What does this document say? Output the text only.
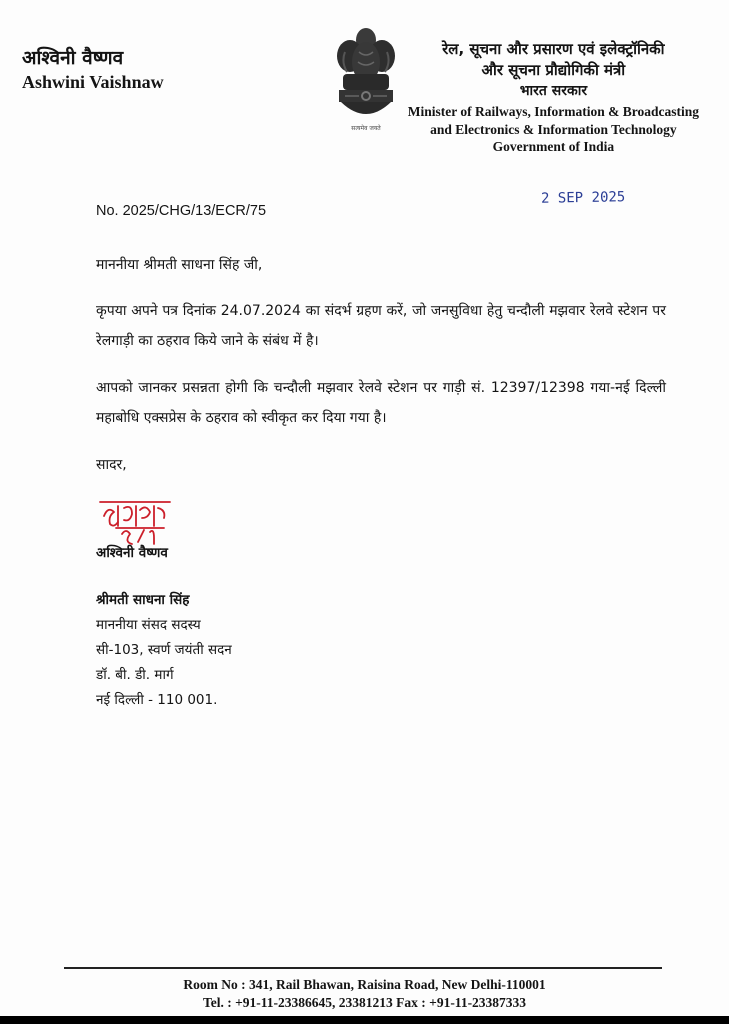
अश्विनी वैष्णव
Ashwini Vaishnaw
सत्यमेव जयते
रेल, सूचना और प्रसारण एवं इलेक्ट्रॉनिकी
और सूचना प्रौद्योगिकी मंत्री
भारत सरकार
Minister of Railways, Information & Broadcasting
and Electronics & Information Technology
Government of India
No. 2025/CHG/13/ECR/75
2 SEP 2025
माननीया श्रीमती साधना सिंह जी,
कृपया अपने पत्र दिनांक 24.07.2024 का संदर्भ ग्रहण करें, जो जनसुविधा हेतु चन्दौली मझवार रेलवे स्टेशन पर रेलगाड़ी का ठहराव किये जाने के संबंध में है।
आपको जानकर प्रसन्नता होगी कि चन्दौली मझवार रेलवे स्टेशन पर गाड़ी सं. 12397/12398 गया-नई दिल्ली महाबोधि एक्सप्रेस के ठहराव को स्वीकृत कर दिया गया है।
सादर,
अश्विनी वैष्णव
श्रीमती साधना सिंह
माननीया संसद सदस्य
सी-103, स्वर्ण जयंती सदन
डॉ. बी. डी. मार्ग
नई दिल्ली - 110 001.
Room No : 341, Rail Bhawan, Raisina Road, New Delhi-110001
Tel. : +91-11-23386645, 23381213 Fax : +91-11-23387333
